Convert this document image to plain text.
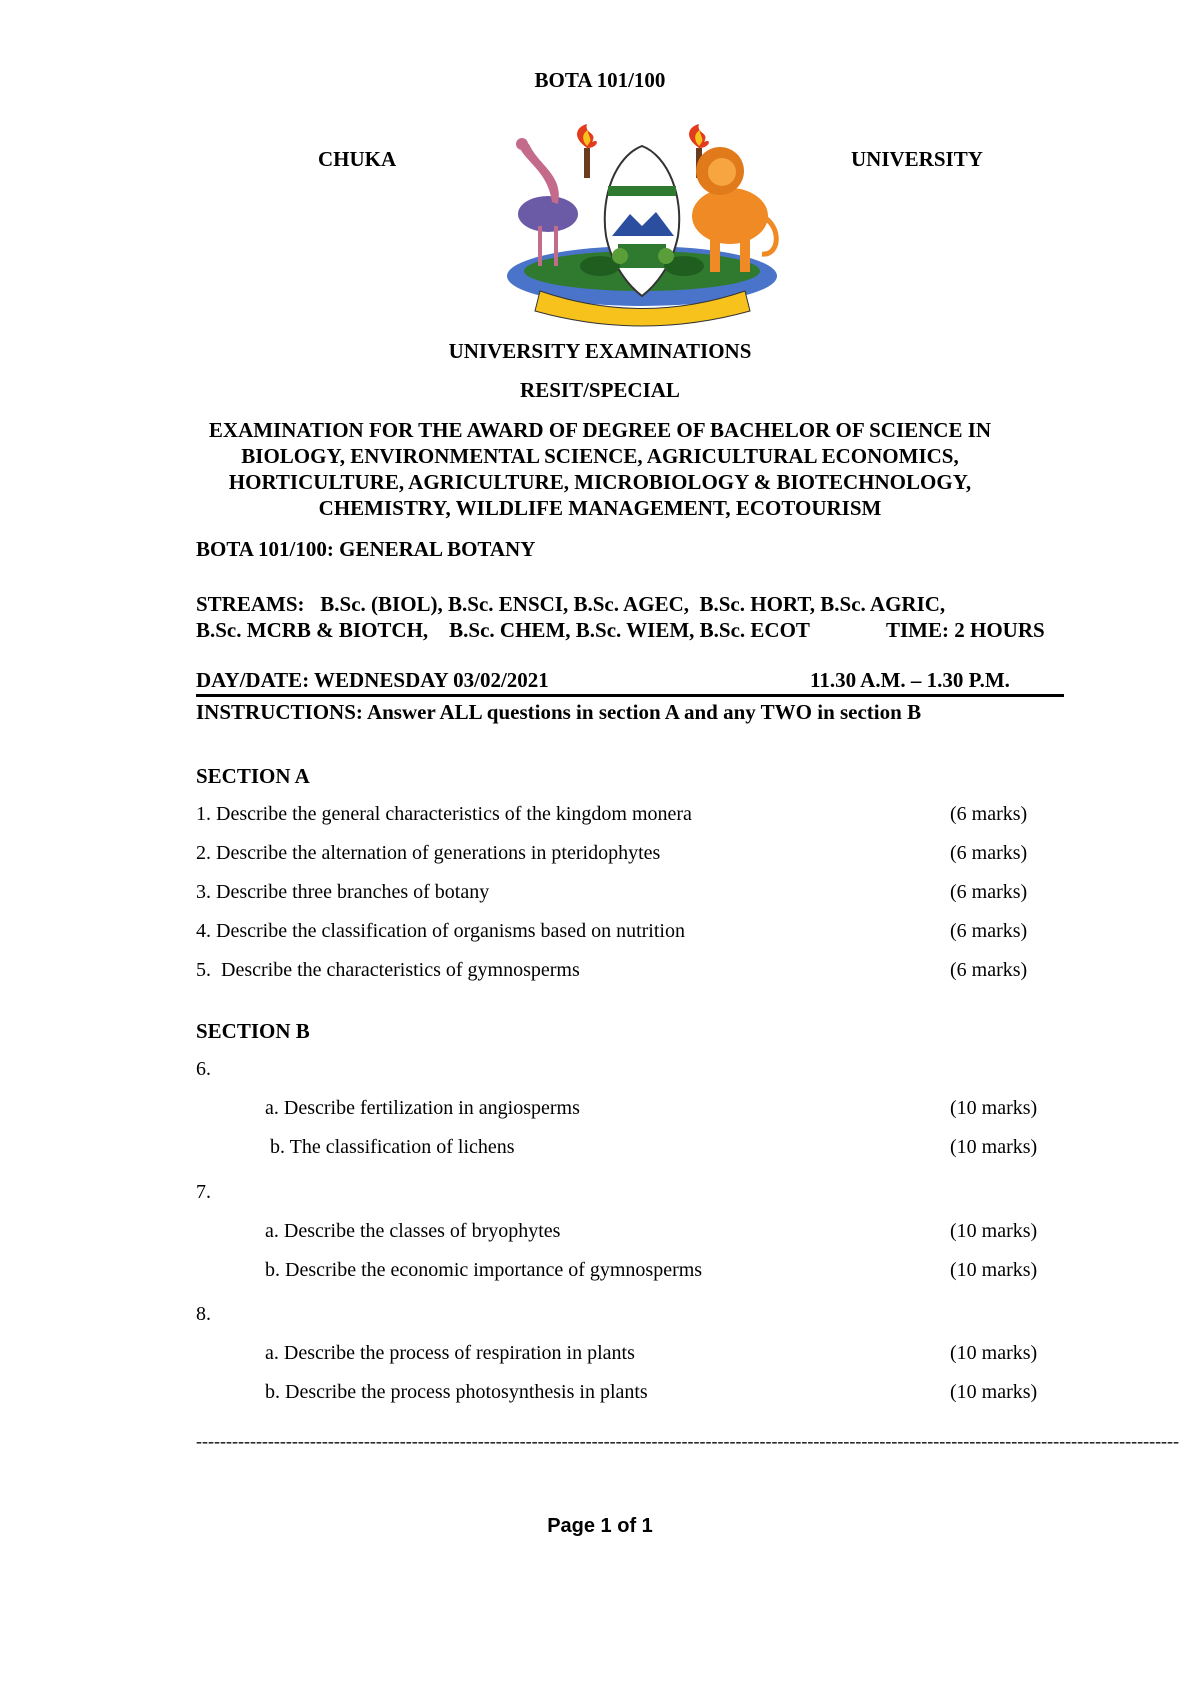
BOTA 101/100
CHUKA	UNIVERSITY
UNIVERSITY EXAMINATIONS
RESIT/SPECIAL
EXAMINATION FOR THE AWARD OF DEGREE OF BACHELOR OF SCIENCE IN
BIOLOGY, ENVIRONMENTAL SCIENCE, AGRICULTURAL ECONOMICS,
HORTICULTURE, AGRICULTURE, MICROBIOLOGY & BIOTECHNOLOGY,
CHEMISTRY, WILDLIFE MANAGEMENT, ECOTOURISM
BOTA 101/100: GENERAL BOTANY
STREAMS:   B.Sc. (BIOL), B.Sc. ENSCI, B.Sc. AGEC,  B.Sc. HORT, B.Sc. AGRIC,
B.Sc. MCRB & BIOTCH,    B.Sc. CHEM, B.Sc. WIEM, B.Sc. ECOT	TIME: 2 HOURS
DAY/DATE: WEDNESDAY 03/02/2021	11.30 A.M. – 1.30 P.M.
INSTRUCTIONS: Answer ALL questions in section A and any TWO in section B
SECTION A
1. Describe the general characteristics of the kingdom monera	(6 marks)
2. Describe the alternation of generations in pteridophytes	(6 marks)
3. Describe three branches of botany	(6 marks)
4. Describe the classification of organisms based on nutrition	(6 marks)
5.  Describe the characteristics of gymnosperms	(6 marks)
SECTION B
6.
a. Describe fertilization in angiosperms	(10 marks)
b. The classification of lichens	(10 marks)
7.
a. Describe the classes of bryophytes	(10 marks)
b. Describe the economic importance of gymnosperms	(10 marks)
8.
a. Describe the process of respiration in plants	(10 marks)
b. Describe the process photosynthesis in plants	(10 marks)
--------------------------------------------------------------------------------------------------------------------------------------------------------------------
Page 1 of 1
